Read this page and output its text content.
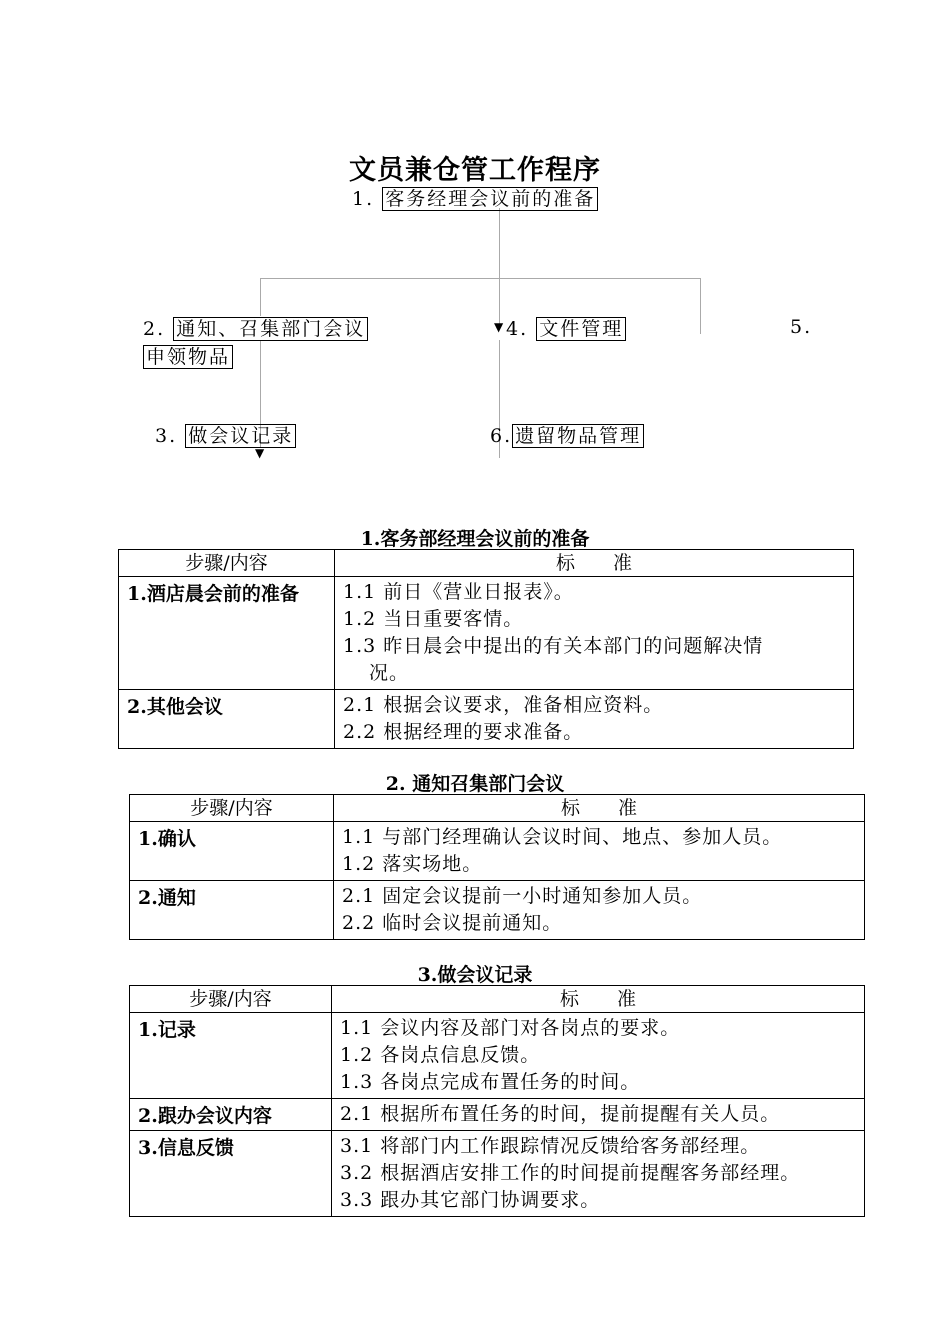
文员兼仓管工作程序
▼
▼
1. 客务经理会议前的准备
2. 通知、召集部门会议	4. 文件管理	5.
申领物品
3. 做会议记录	6. 遗留物品管理
1.客务部经理会议前的准备
步骤/内容	标　　准
1.酒店晨会前的准备	1.1 前日《营业日报表》。
1.2 当日重要客情。
1.3 昨日晨会中提出的有关本部门的问题解决情
况。

2.其他会议	2.1 根据会议要求，准备相应资料。
2.2 根据经理的要求准备。
2. 通知召集部门会议
步骤/内容	标　　准
1.确认	1.1 与部门经理确认会议时间、地点、参加人员。
1.2 落实场地。

2.通知	2.1 固定会议提前一小时通知参加人员。
2.2 临时会议提前通知。
3.做会议记录
步骤/内容	标　　准
1.记录	1.1 会议内容及部门对各岗点的要求。
1.2 各岗点信息反馈。
1.3 各岗点完成布置任务的时间。

2.跟办会议内容	2.1 根据所布置任务的时间，提前提醒有关人员。

3.信息反馈	3.1 将部门内工作跟踪情况反馈给客务部经理。
3.2 根据酒店安排工作的时间提前提醒客务部经理。
3.3 跟办其它部门协调要求。
